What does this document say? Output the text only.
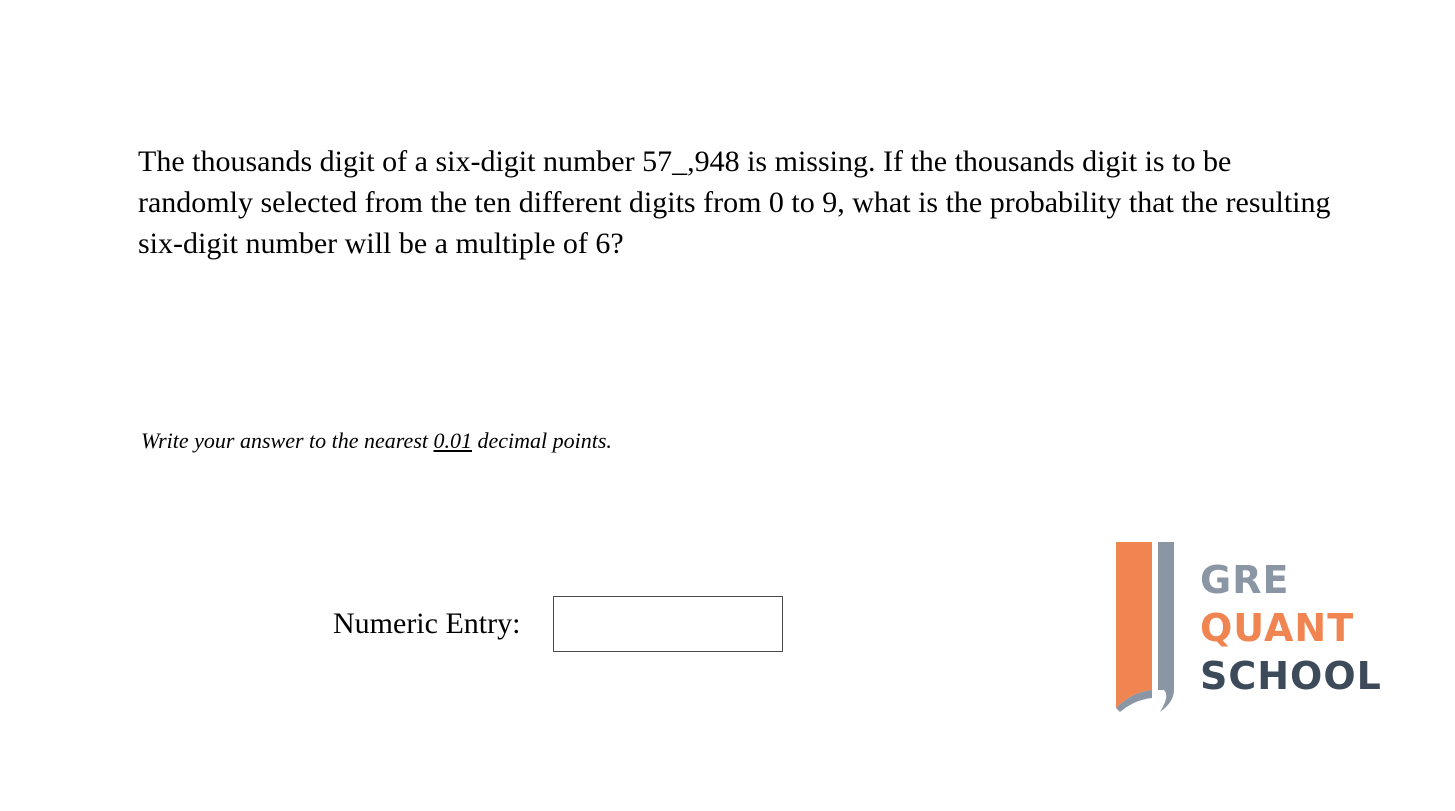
The thousands digit of a six-digit number 57_,948 is missing. If the thousands digit is to be randomly selected from the ten different digits from 0 to 9, what is the probability that the resulting six-digit number will be a multiple of 6?

Write your answer to the nearest 0.01 decimal points.
Numeric Entry:
GRE
QUANT
SCHOOL
